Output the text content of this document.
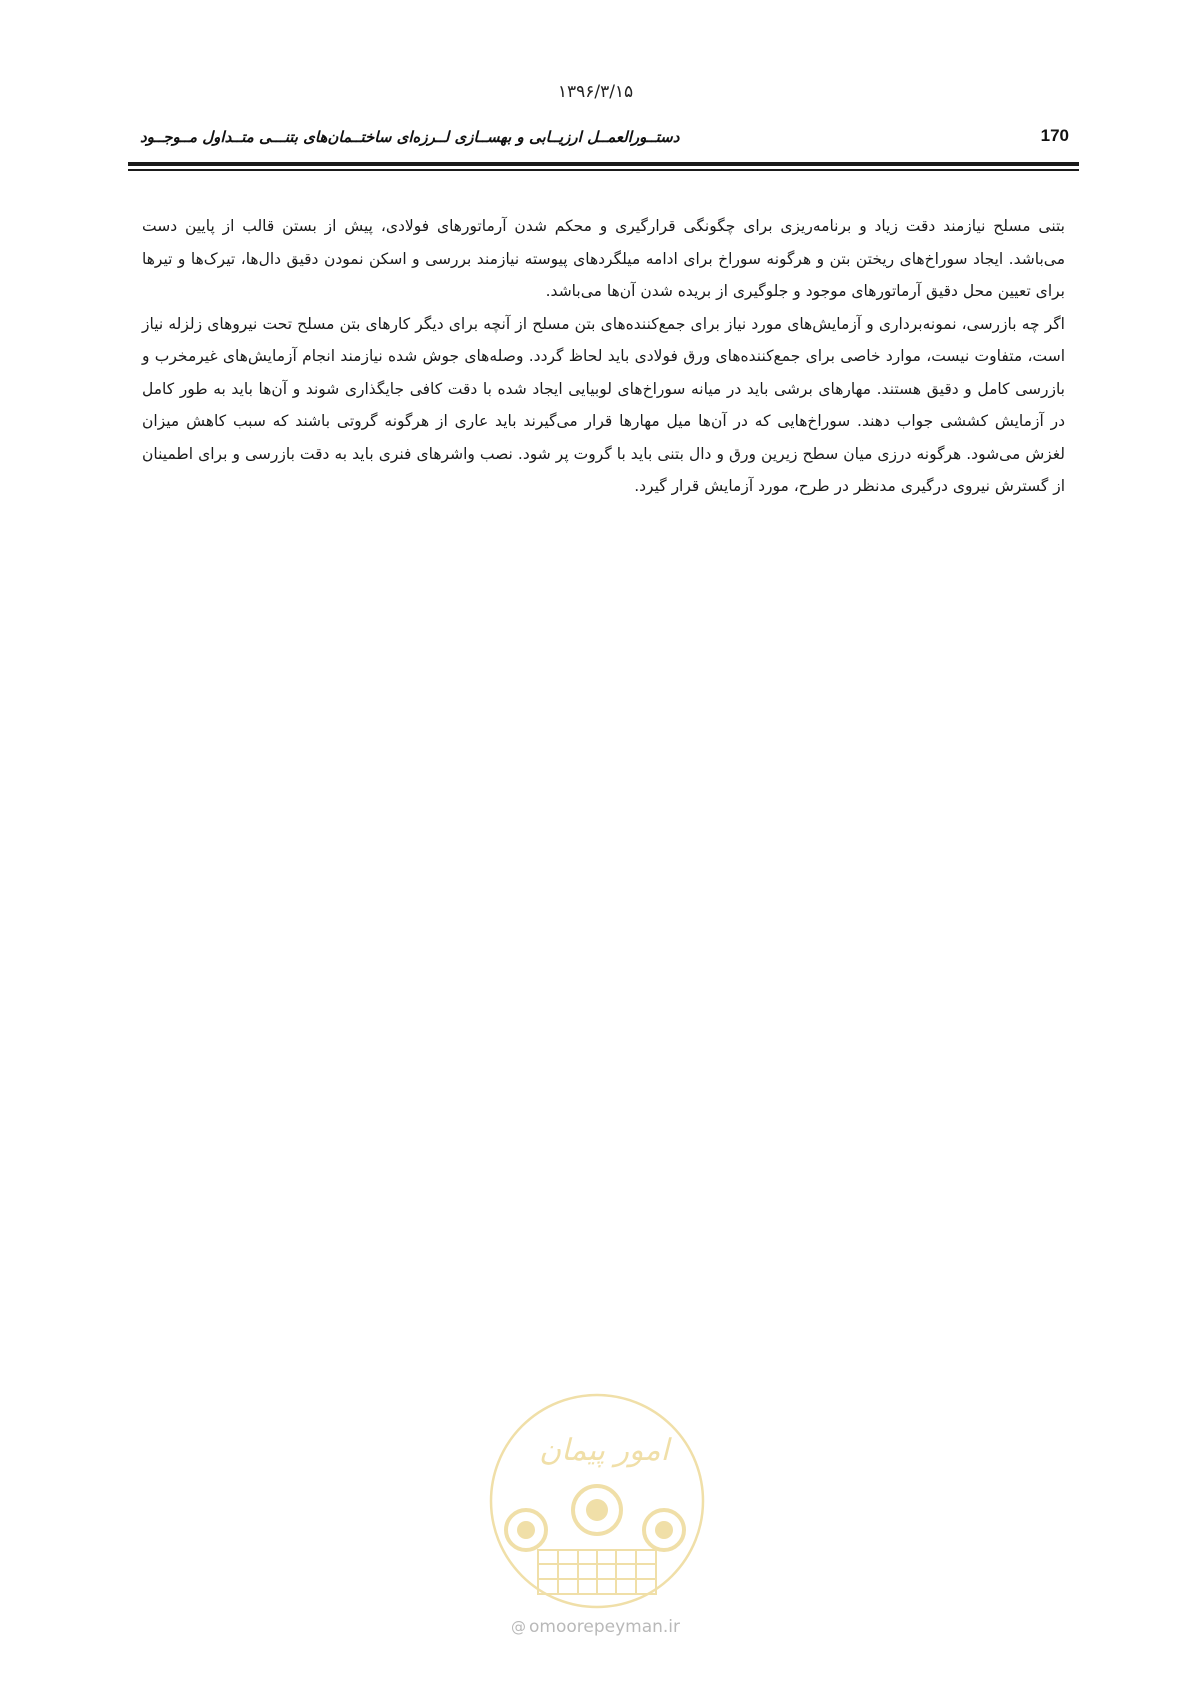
۱۳۹۶/۳/۱۵
دستــورالعمــل ارزیــابی و بهســازی لــرزه‌ای ساختــمان‌های بتنـــی متــداول مــوجــود	170

بتنی مسلح نیازمند دقت زیاد و برنامه‌ریزی برای چگونگی قرارگیری و محکم شدن آرماتورهای فولادی، پیش از بستن قالب از پایین دست می‌باشد. ایجاد سوراخ‌های ریختن بتن و هرگونه سوراخ برای ادامه میلگردهای پیوسته نیازمند بررسی و اسکن نمودن دقیق دال‌ها، تیرک‌ها و تیرها برای تعیین محل دقیق آرماتورهای موجود و جلوگیری از بریده شدن آن‌ها می‌باشد.

اگر چه بازرسی، نمونه‌برداری و آزمایش‌های مورد نیاز برای جمع‌کننده‌های بتن مسلح از آنچه برای دیگر کارهای بتن مسلح تحت نیروهای زلزله نیاز است، متفاوت نیست، موارد خاصی برای جمع‌کننده‌های ورق فولادی باید لحاظ گردد. وصله‌های جوش شده نیازمند انجام آزمایش‌های غیرمخرب و بازرسی کامل و دقیق هستند. مهارهای برشی باید در میانه سوراخ‌های لوبیایی ایجاد شده با دقت کافی جایگذاری شوند و آن‌ها باید به طور کامل در آزمایش کششی جواب دهند. سوراخ‌هایی که در آن‌ها میل مهارها قرار می‌گیرند باید عاری از هرگونه گروتی باشند که سبب کاهش میزان لغزش می‌شود. هرگونه درزی میان سطح زیرین ورق و دال بتنی باید با گروت پر شود. نصب واشرهای فنری باید به دقت بازرسی و برای اطمینان از گسترش نیروی درگیری مدنظر در طرح، مورد آزمایش قرار گیرد.

امور پیمان
@ omoorepeyman.ir
